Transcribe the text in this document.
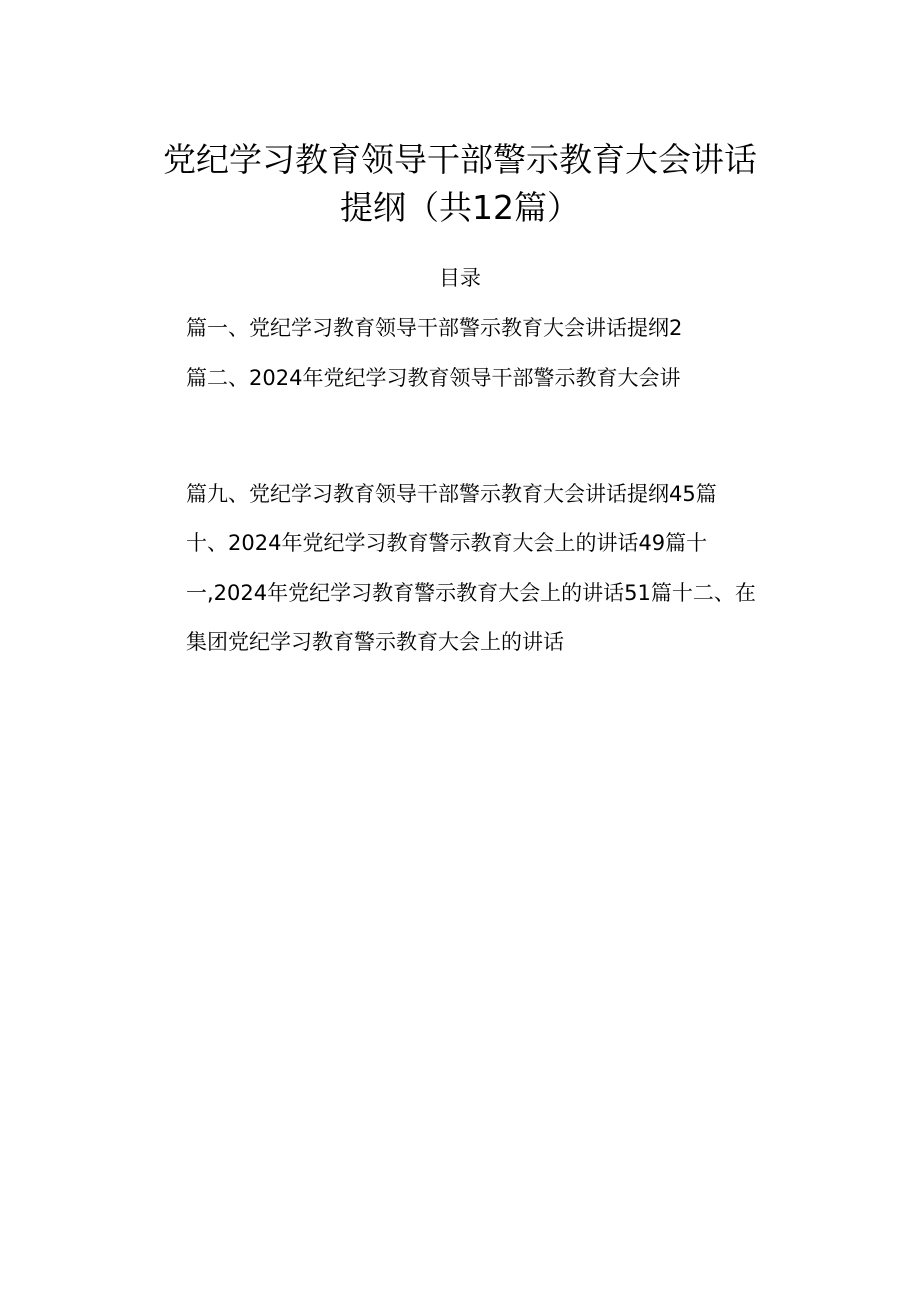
党纪学习教育领导干部警示教育大会讲话
提纲（共12篇）
目录

篇一、党纪学习教育领导干部警示教育大会讲话提纲2

篇二、2024年党纪学习教育领导干部警示教育大会讲

篇九、党纪学习教育领导干部警示教育大会讲话提纲45篇

十、2024年党纪学习教育警示教育大会上的讲话49篇十

一,2024年党纪学习教育警示教育大会上的讲话51篇十二、在

集团党纪学习教育警示教育大会上的讲话
